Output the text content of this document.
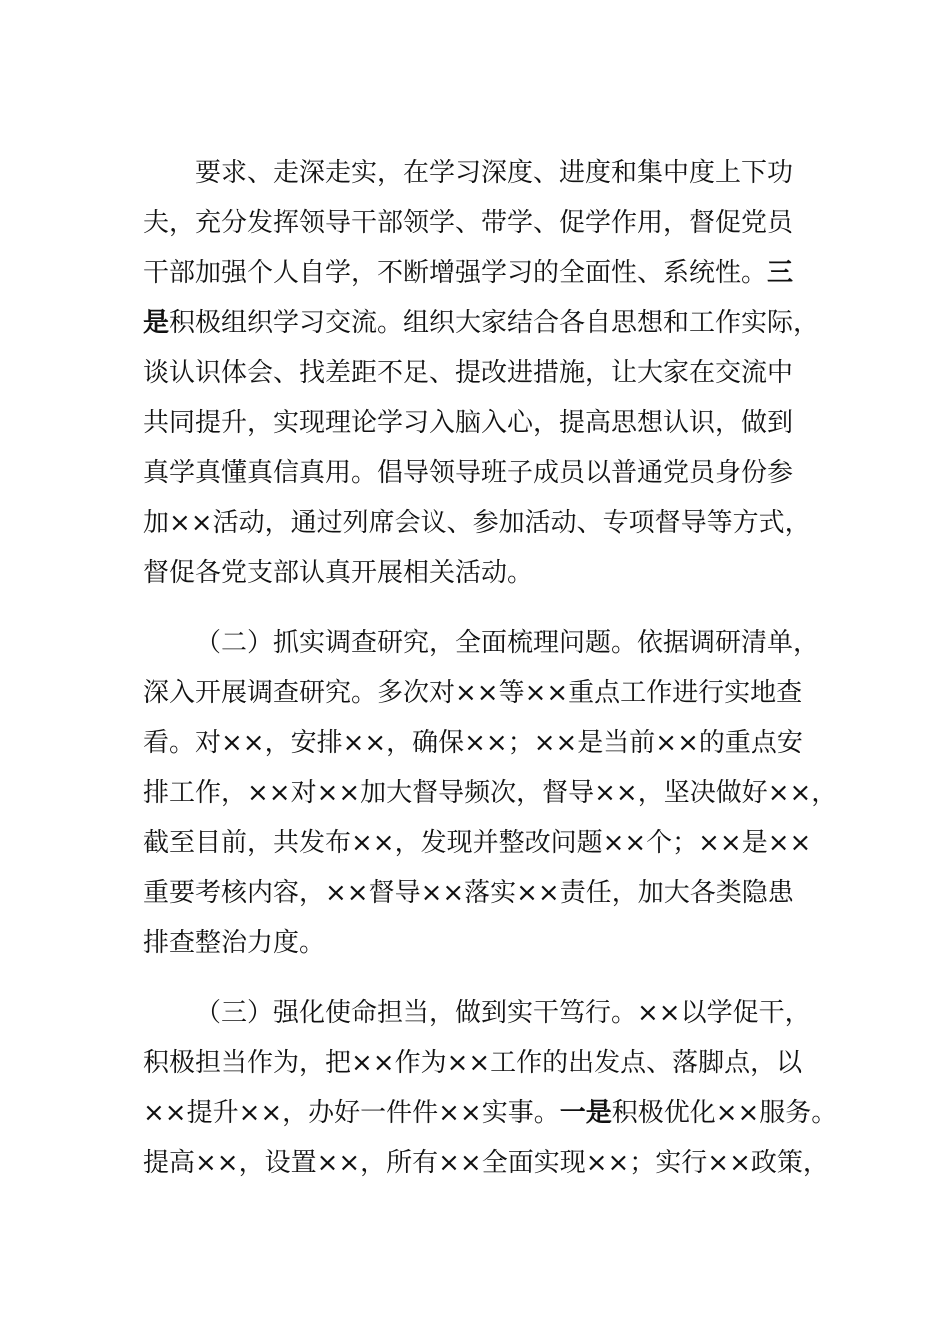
要求、走深走实，在学习深度、进度和集中度上下功
夫，充分发挥领导干部领学、带学、促学作用，督促党员
干部加强个人自学，不断增强学习的全面性、系统性。三
是积极组织学习交流。组织大家结合各自思想和工作实际，
谈认识体会、找差距不足、提改进措施，让大家在交流中
共同提升，实现理论学习入脑入心，提高思想认识，做到
真学真懂真信真用。倡导领导班子成员以普通党员身份参
加××活动，通过列席会议、参加活动、专项督导等方式，
督促各党支部认真开展相关活动。
（二）抓实调查研究，全面梳理问题。依据调研清单，
深入开展调查研究。多次对××等××重点工作进行实地查
看。对××，安排××，确保××；××是当前××的重点安
排工作，××对××加大督导频次，督导××，坚决做好××，
截至目前，共发布××，发现并整改问题××个；××是××
重要考核内容，××督导××落实××责任，加大各类隐患
排查整治力度。
（三）强化使命担当，做到实干笃行。××以学促干，
积极担当作为，把××作为××工作的出发点、落脚点，以
××提升××，办好一件件××实事。一是积极优化××服务。
提高××，设置××，所有××全面实现××；实行××政策，
